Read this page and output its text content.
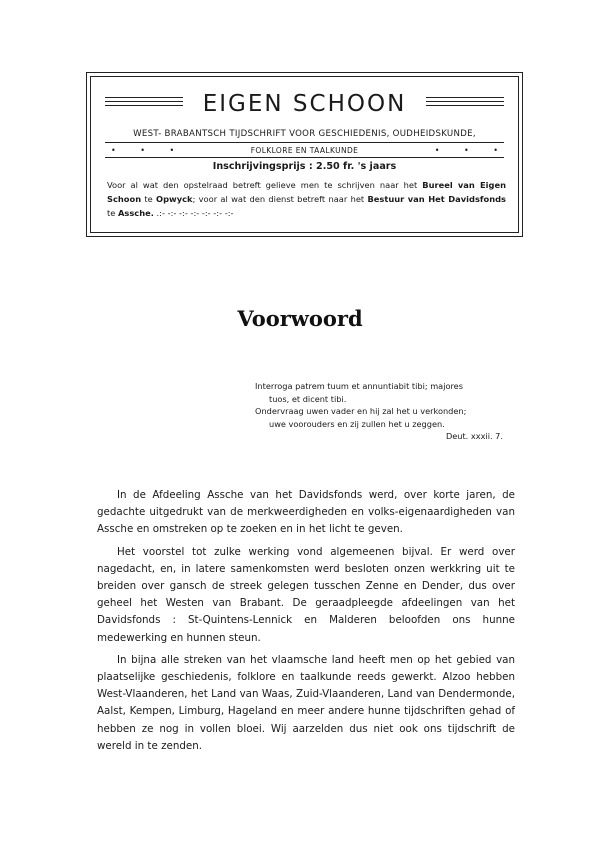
EIGEN SCHOON
WEST- BRABANTSCH TIJDSCHRIFT VOOR GESCHIEDENIS, OUDHEIDSKUNDE,
• • •	FOLKLORE EN TAALKUNDE	• • •
Inschrijvingsprijs : 2.50 fr. 's jaars
Voor al wat den opstelraad betreft gelieve men te schrijven naar het Bureel van Eigen Schoon te Opwyck; voor al wat den dienst betreft naar het Bestuur van Het Davidsfonds te Assche. .:- -:- -:- -:- -:- -:- -:-
Voorwoord

Interroga patrem tuum et annuntiabit tibi; majores

tuos, et dicent tibi.

Ondervraag uwen vader en hij zal het u verkonden;

uwe voorouders en zij zullen het u zeggen.

Deut. xxxii. 7.

In de Afdeeling Assche van het Davidsfonds werd, over korte jaren, de gedachte uitgedrukt van de merkweerdigheden en volks-eigenaardigheden van Assche en omstreken op te zoeken en in het licht te geven.

Het voorstel tot zulke werking vond algemeenen bijval. Er werd over nagedacht, en, in latere samenkomsten werd besloten onzen werkkring uit te breiden over gansch de streek gelegen tusschen Zenne en Dender, dus over geheel het Westen van Brabant. De geraadpleegde afdeelingen van het Davidsfonds : St-Quintens-Lennick en Malderen beloofden ons hunne medewerking en hunnen steun.

In bijna alle streken van het vlaamsche land heeft men op het gebied van plaatselijke geschiedenis, folklore en taalkunde reeds gewerkt. Alzoo hebben West-Vlaanderen, het Land van Waas, Zuid-Vlaanderen, Land van Dendermonde, Aalst, Kempen, Limburg, Hageland en meer andere hunne tijdschriften gehad of hebben ze nog in vollen bloei. Wij aarzelden dus niet ook ons tijdschrift de wereld in te zenden.
